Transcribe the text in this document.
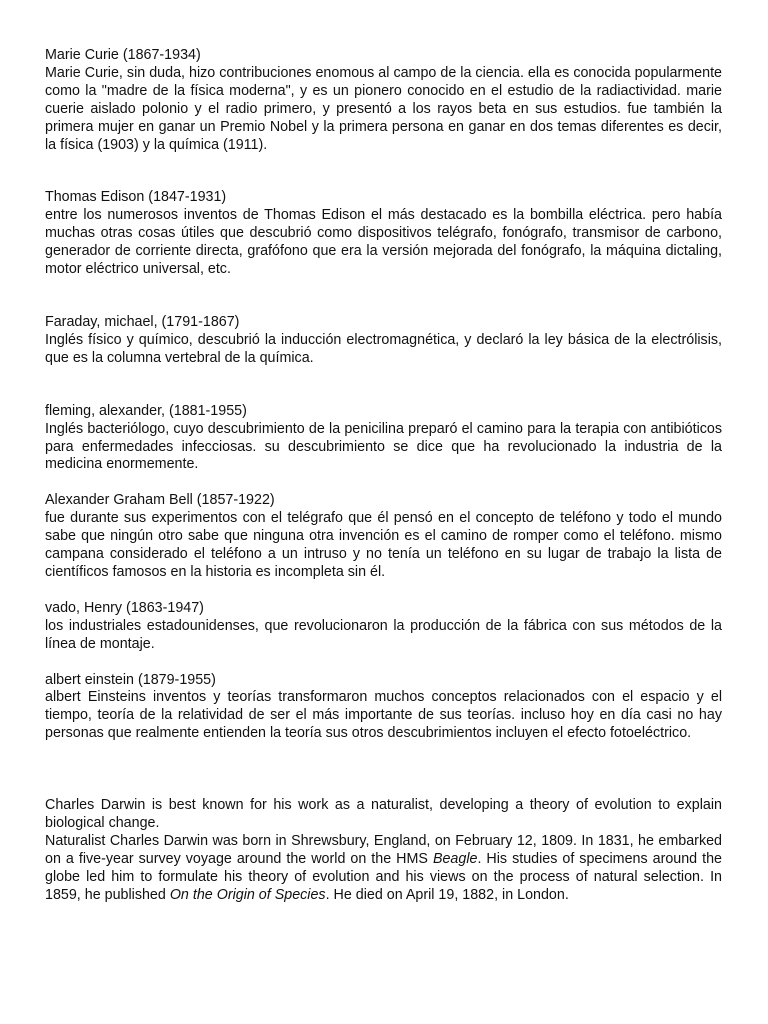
Marie Curie (1867-1934)
Marie Curie, sin duda, hizo contribuciones enomous al campo de la ciencia. ella es conocida popularmente como la "madre de la física moderna", y es un pionero conocido en el estudio de la radiactividad. marie cuerie aislado polonio y el radio primero, y presentó a los rayos beta en sus estudios. fue también la primera mujer en ganar un Premio Nobel y la primera persona en ganar en dos temas diferentes es decir, la física (1903) y la química (1911).
Thomas Edison (1847-1931)
entre los numerosos inventos de Thomas Edison el más destacado es la bombilla eléctrica. pero había muchas otras cosas útiles que descubrió como dispositivos telégrafo, fonógrafo, transmisor de carbono, generador de corriente directa, grafófono que era la versión mejorada del fonógrafo, la máquina dictaling, motor eléctrico universal, etc.
Faraday, michael, (1791-1867)
Inglés físico y químico, descubrió la inducción electromagnética, y declaró la ley básica de la electrólisis, que es la columna vertebral de la química.
fleming, alexander, (1881-1955)
Inglés bacteriólogo, cuyo descubrimiento de la penicilina preparó el camino para la terapia con antibióticos para enfermedades infecciosas. su descubrimiento se dice que ha revolucionado la industria de la medicina enormemente.
Alexander Graham Bell (1857-1922)
fue durante sus experimentos con el telégrafo que él pensó en el concepto de teléfono y todo el mundo sabe que ningún otro sabe que ninguna otra invención es el camino de romper como el teléfono. mismo campana considerado el teléfono a un intruso y no tenía un teléfono en su lugar de trabajo la lista de científicos famosos en la historia es incompleta sin él.
vado, Henry (1863-1947)
los industriales estadounidenses, que revolucionaron la producción de la fábrica con sus métodos de la línea de montaje.
albert einstein (1879-1955)
albert Einsteins inventos y teorías transformaron muchos conceptos relacionados con el espacio y el tiempo, teoría de la relatividad de ser el más importante de sus teorías. incluso hoy en día casi no hay personas que realmente entienden la teoría sus otros descubrimientos incluyen el efecto fotoeléctrico.
Charles Darwin is best known for his work as a naturalist, developing a theory of evolution to explain biological change.
Naturalist Charles Darwin was born in Shrewsbury, England, on February 12, 1809. In 1831, he embarked on a five-year survey voyage around the world on the HMS Beagle. His studies of specimens around the globe led him to formulate his theory of evolution and his views on the process of natural selection. In 1859, he published On the Origin of Species. He died on April 19, 1882, in London.
